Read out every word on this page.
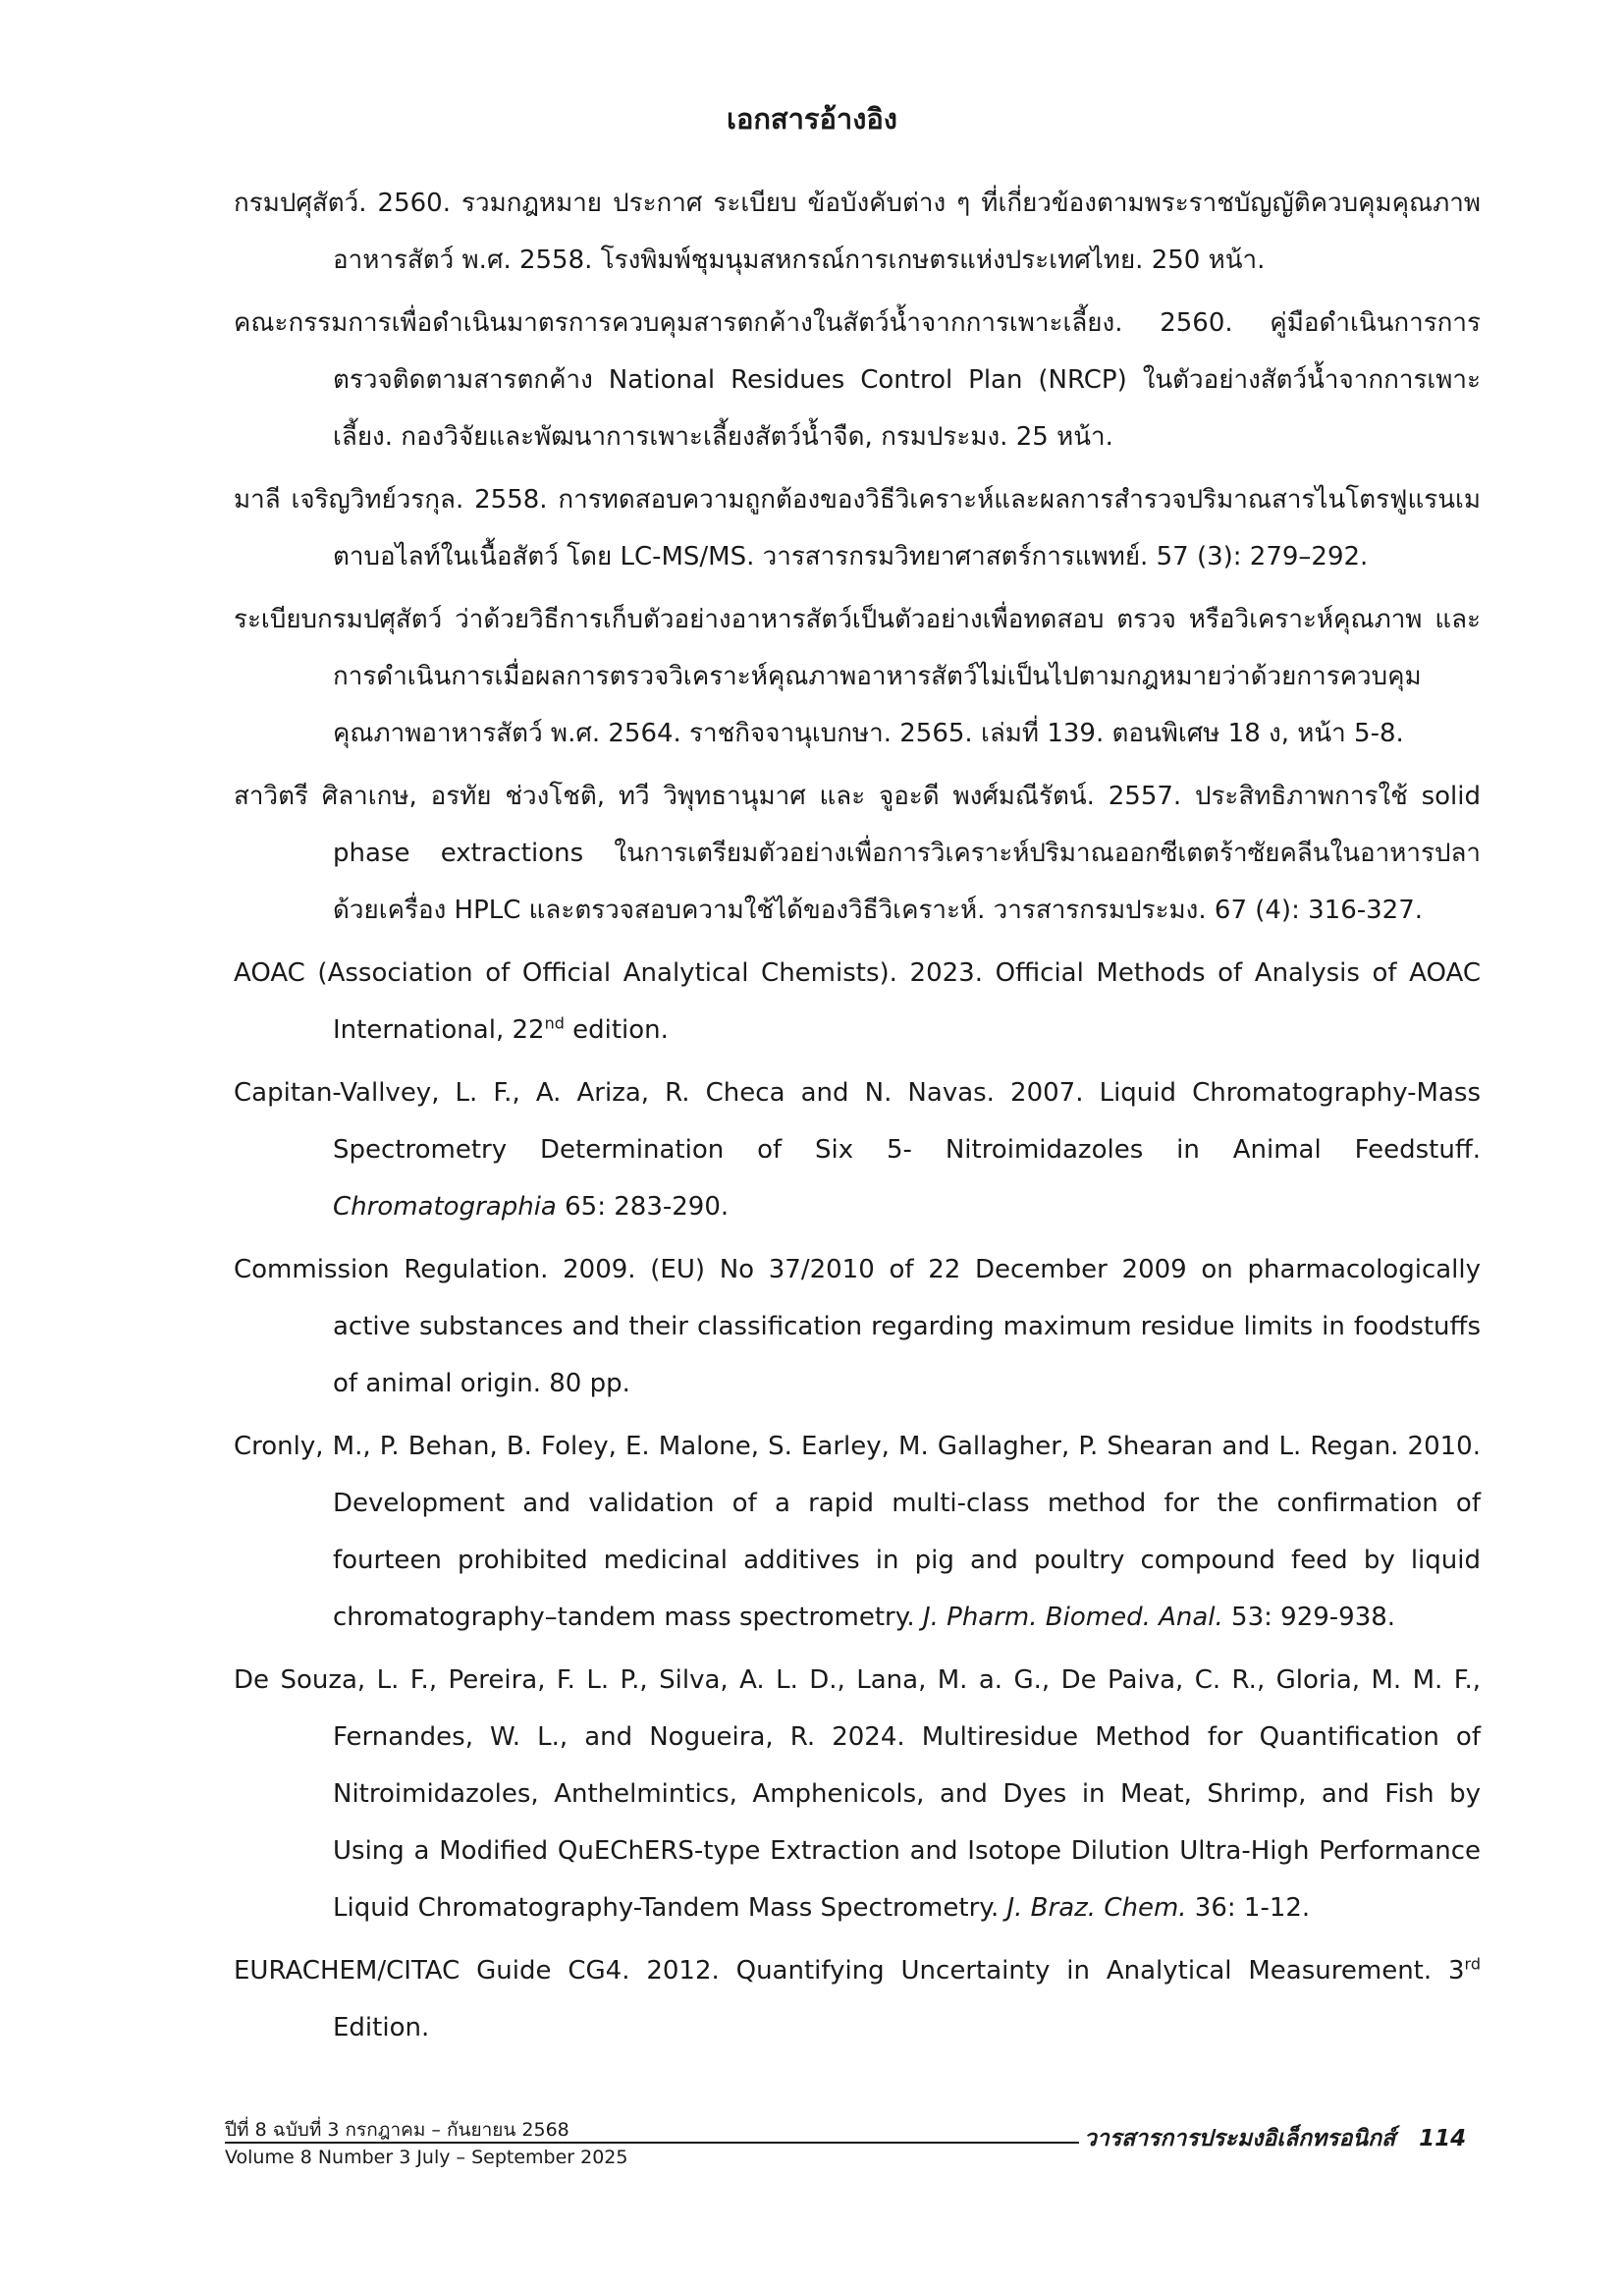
เอกสารอ้างอิง

กรมปศุสัตว์. 2560. รวมกฎหมาย ประกาศ ระเบียบ ข้อบังคับต่าง ๆ ที่เกี่ยวข้องตามพระราชบัญญัติควบคุมคุณภาพอาหารสัตว์ พ.ศ. 2558. โรงพิมพ์ชุมนุมสหกรณ์การเกษตรแห่งประเทศไทย. 250 หน้า.

คณะกรรมการเพื่อดำเนินมาตรการควบคุมสารตกค้างในสัตว์น้ำจากการเพาะเลี้ยง. 2560. คู่มือดำเนินการการตรวจติดตามสารตกค้าง National Residues Control Plan (NRCP) ในตัวอย่างสัตว์น้ำจากการเพาะเลี้ยง. กองวิจัยและพัฒนาการเพาะเลี้ยงสัตว์น้ำจืด, กรมประมง. 25 หน้า.

มาลี เจริญวิทย์วรกุล. 2558. การทดสอบความถูกต้องของวิธีวิเคราะห์และผลการสำรวจปริมาณสารไนโตรฟูแรนเมตาบอไลท์ในเนื้อสัตว์ โดย LC-MS/MS. วารสารกรมวิทยาศาสตร์การแพทย์. 57 (3): 279–292.

ระเบียบกรมปศุสัตว์ ว่าด้วยวิธีการเก็บตัวอย่างอาหารสัตว์เป็นตัวอย่างเพื่อทดสอบ ตรวจ หรือวิเคราะห์คุณภาพ และการดำเนินการเมื่อผลการตรวจวิเคราะห์คุณภาพอาหารสัตว์ไม่เป็นไปตามกฎหมายว่าด้วยการควบคุมคุณภาพอาหารสัตว์ พ.ศ. 2564. ราชกิจจานุเบกษา. 2565. เล่มที่ 139. ตอนพิเศษ 18 ง, หน้า 5-8.

สาวิตรี ศิลาเกษ, อรทัย ช่วงโชติ, ทวี วิพุทธานุมาศ และ จูอะดี พงศ์มณีรัตน์. 2557. ประสิทธิภาพการใช้ solid phase extractions ในการเตรียมตัวอย่างเพื่อการวิเคราะห์ปริมาณออกซีเตตร้าซัยคลีนในอาหารปลาด้วยเครื่อง HPLC และตรวจสอบความใช้ได้ของวิธีวิเคราะห์. วารสารกรมประมง. 67 (4): 316-327.

AOAC (Association of Official Analytical Chemists). 2023. Official Methods of Analysis of AOAC International, 22nd edition.

Capitan-Vallvey, L. F., A. Ariza, R. Checa and N. Navas. 2007. Liquid Chromatography-Mass Spectrometry Determination of Six 5- Nitroimidazoles in Animal Feedstuff. Chromatographia 65: 283-290.

Commission Regulation. 2009. (EU) No 37/2010 of 22 December 2009 on pharmacologically active substances and their classification regarding maximum residue limits in foodstuffs of animal origin. 80 pp.

Cronly, M., P. Behan, B. Foley, E. Malone, S. Earley, M. Gallagher, P. Shearan and L. Regan. 2010. Development and validation of a rapid multi-class method for the confirmation of fourteen prohibited medicinal additives in pig and poultry compound feed by liquid chromatography–tandem mass spectrometry. J. Pharm. Biomed. Anal. 53: 929-938.

De Souza, L. F., Pereira, F. L. P., Silva, A. L. D., Lana, M. a. G., De Paiva, C. R., Gloria, M. M. F., Fernandes, W. L., and Nogueira, R. 2024. Multiresidue Method for Quantification of Nitroimidazoles, Anthelmintics, Amphenicols, and Dyes in Meat, Shrimp, and Fish by Using a Modified QuEChERS-type Extraction and Isotope Dilution Ultra-High Performance Liquid Chromatography-Tandem Mass Spectrometry. J. Braz. Chem. 36: 1-12.

EURACHEM/CITAC Guide CG4. 2012. Quantifying Uncertainty in Analytical Measurement. 3rd Edition.

ปีที่ 8 ฉบับที่ 3 กรกฎาคม – กันยายน 2568	วารสารการประมงอิเล็กทรอนิกส์ 114
Volume 8 Number 3 July – September 2025
